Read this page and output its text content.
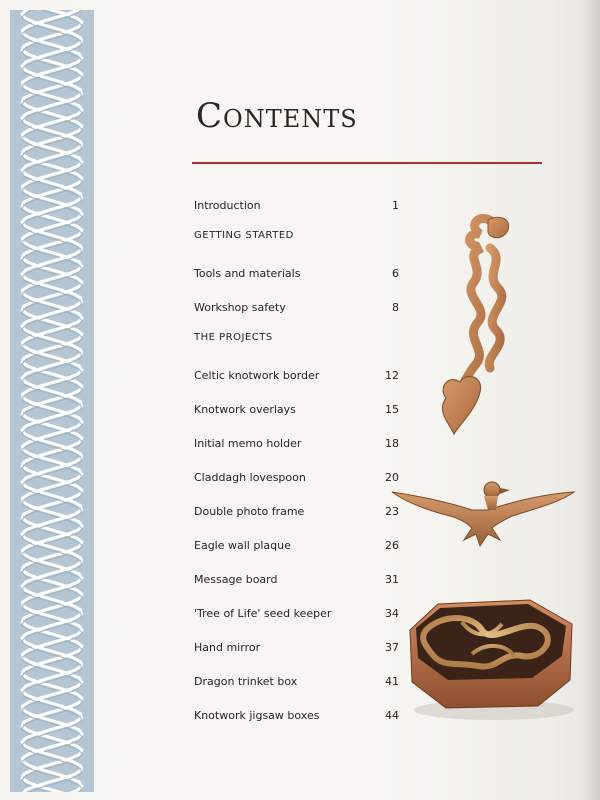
Contents
Introduction	1
GETTING STARTED
Tools and materials	6
Workshop safety	8
THE PROJECTS
Celtic knotwork border	12
Knotwork overlays	15
Initial memo holder	18
Claddagh lovespoon	20
Double photo frame	23
Eagle wall plaque	26
Message board	31
'Tree of Life' seed keeper	34
Hand mirror	37
Dragon trinket box	41
Knotwork jigsaw boxes	44
